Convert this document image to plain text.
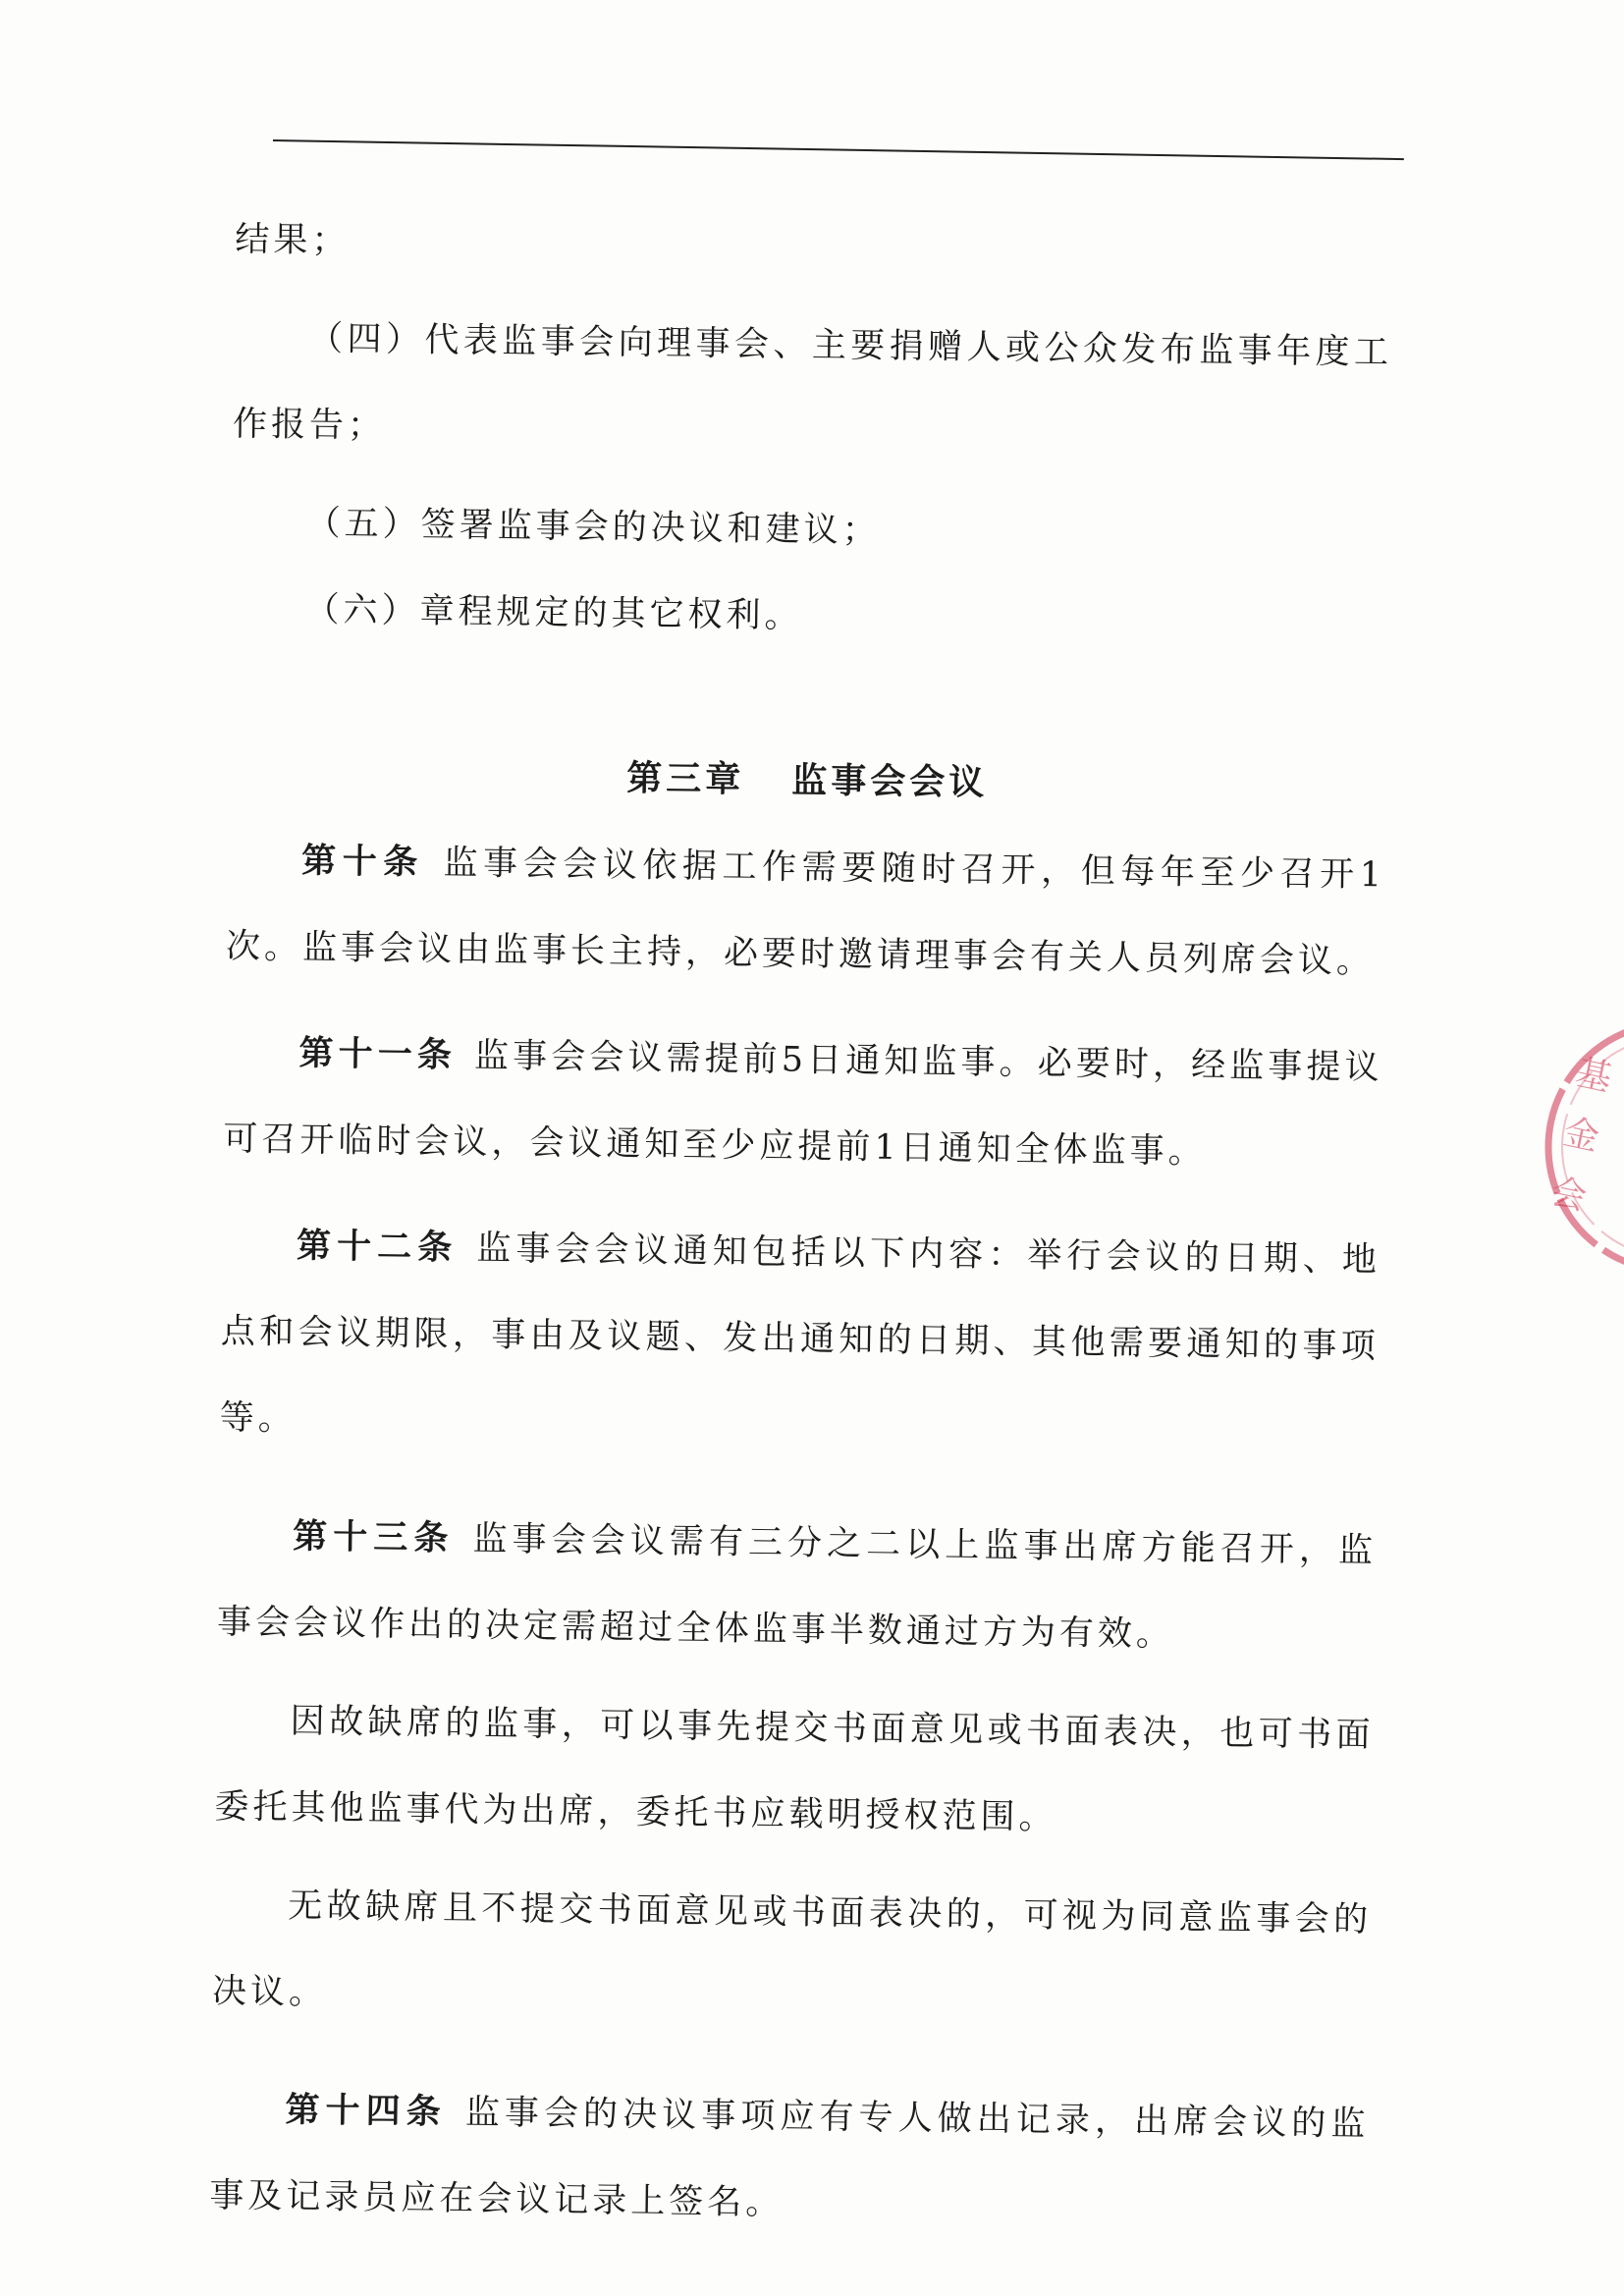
结果；

（四）代表监事会向理事会、主要捐赠人或公众发布监事年度工作报告；

（五）签署监事会的决议和建议；

（六）章程规定的其它权利。

第三章 监事会会议

第十条 监事会会议依据工作需要随时召开，但每年至少召开1次。监事会议由监事长主持，必要时邀请理事会有关人员列席会议。

第十一条 监事会会议需提前5日通知监事。必要时，经监事提议可召开临时会议，会议通知至少应提前1日通知全体监事。

第十二条 监事会会议通知包括以下内容：举行会议的日期、地点和会议期限，事由及议题、发出通知的日期、其他需要通知的事项等。

第十三条 监事会会议需有三分之二以上监事出席方能召开，监事会会议作出的决定需超过全体监事半数通过方为有效。

因故缺席的监事，可以事先提交书面意见或书面表决，也可书面委托其他监事代为出席，委托书应载明授权范围。

无故缺席且不提交书面意见或书面表决的，可视为同意监事会的决议。

第十四条 监事会的决议事项应有专人做出记录，出席会议的监事及记录员应在会议记录上签名。

基金会
